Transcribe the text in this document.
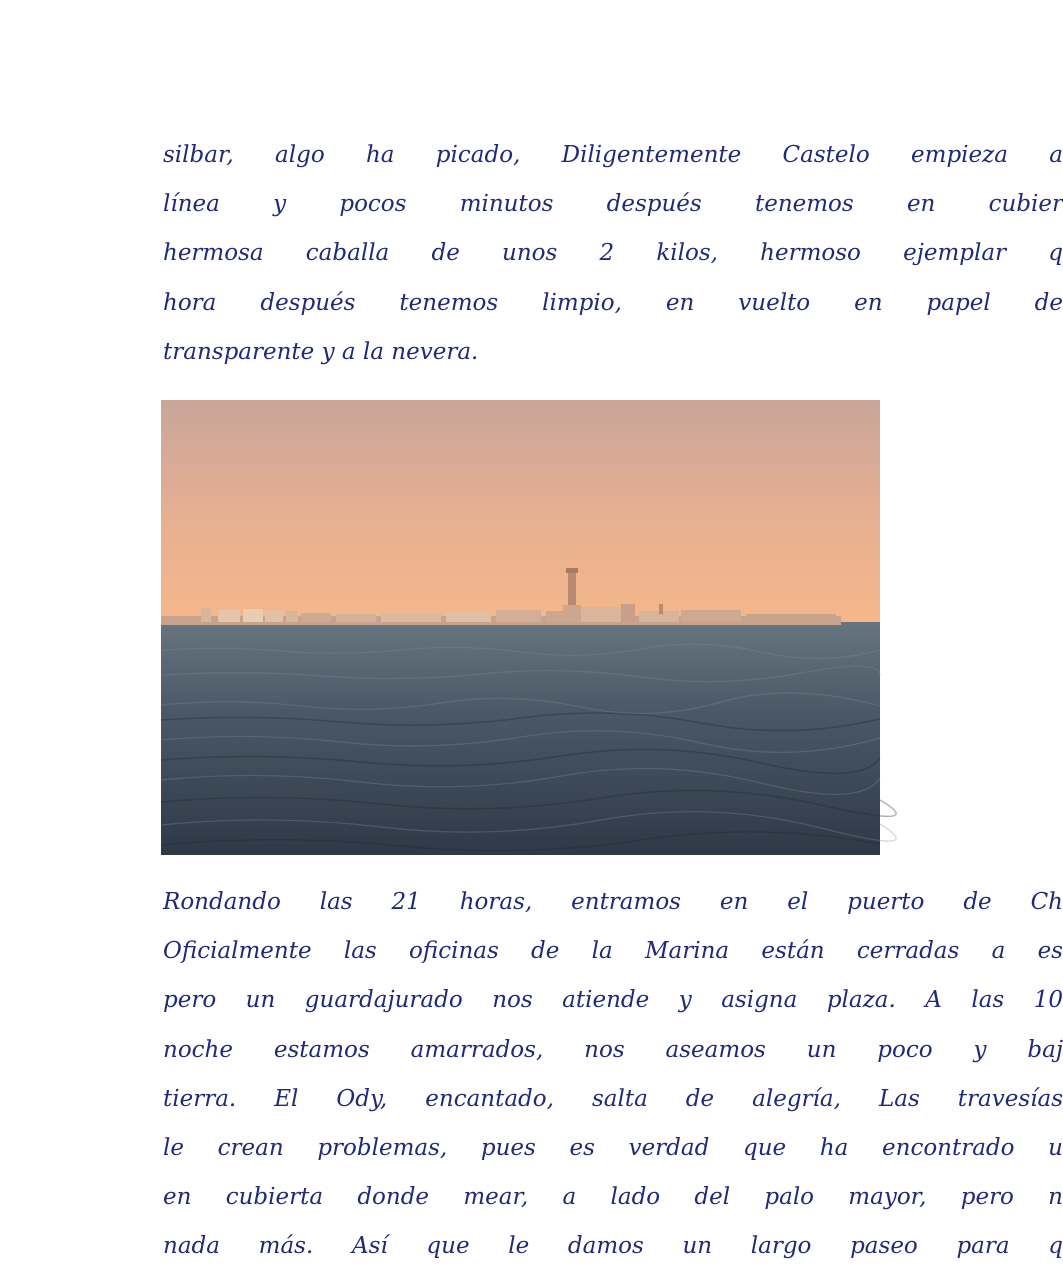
silbar, algo ha picado, Diligentemente Castelo empieza a
línea y pocos minutos después tenemos en cubier
hermosa caballa de unos 2 kilos, hermoso ejemplar q
hora después tenemos limpio, en vuelto en papel de
transparente y a la nevera.

Rondando las 21 horas, entramos en el puerto de Ch
Oficialmente las oficinas de la Marina están cerradas a es
pero un guardajurado nos atiende y asigna plaza. A las 10
noche estamos amarrados, nos aseamos un poco y baj
tierra. El Ody, encantado, salta de alegría, Las travesías
le crean problemas, pues es verdad que ha encontrado u
en cubierta donde mear, a lado del palo mayor, pero n
nada más. Así que le damos un largo paseo para q
